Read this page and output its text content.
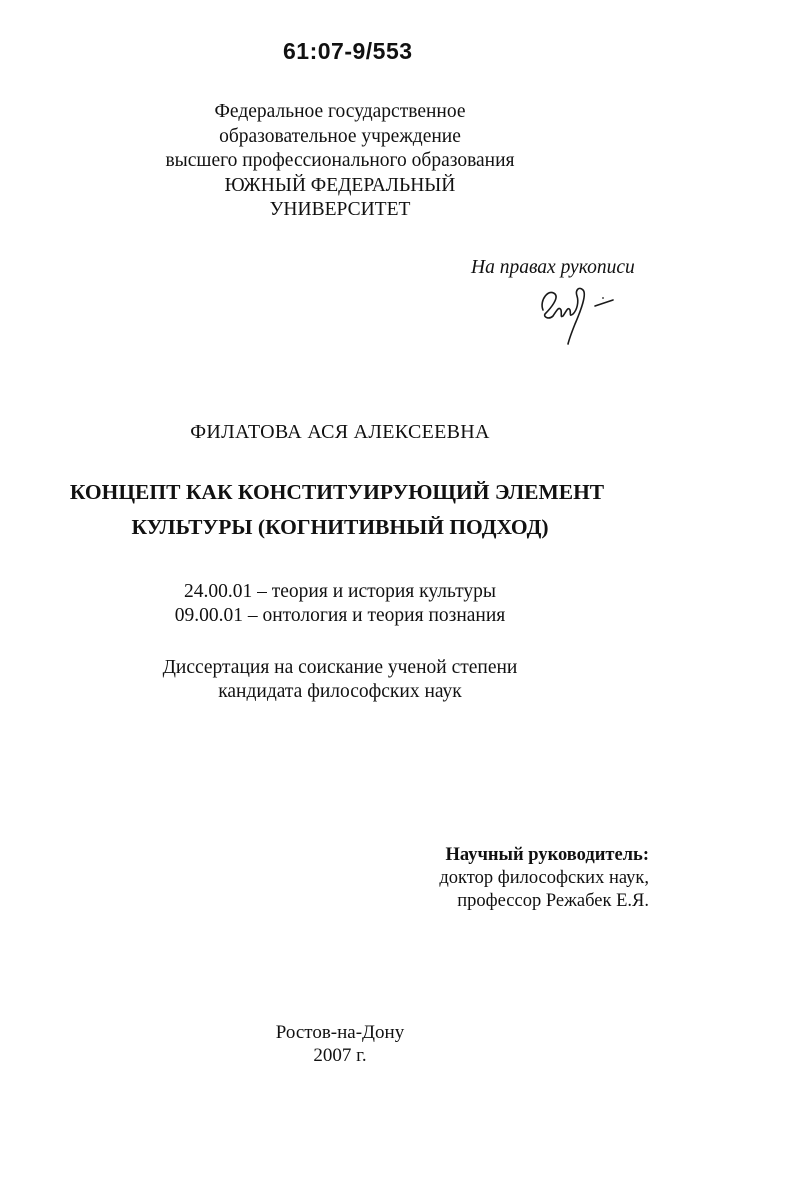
61:07-9/553
Федеральное государственное
образовательное учреждение
высшего профессионального образования
ЮЖНЫЙ ФЕДЕРАЛЬНЫЙ
УНИВЕРСИТЕТ
На правах рукописи
ФИЛАТОВА АСЯ АЛЕКСЕЕВНА
КОНЦЕПТ КАК КОНСТИТУИРУЮЩИЙ ЭЛЕМЕНТ
КУЛЬТУРЫ (КОГНИТИВНЫЙ ПОДХОД)
24.00.01 – теория и история культуры
09.00.01 – онтология и теория познания
Диссертация на соискание ученой степени
кандидата философских наук
Научный руководитель:
доктор философских наук,
профессор Режабек Е.Я.
Ростов-на-Дону
2007 г.
